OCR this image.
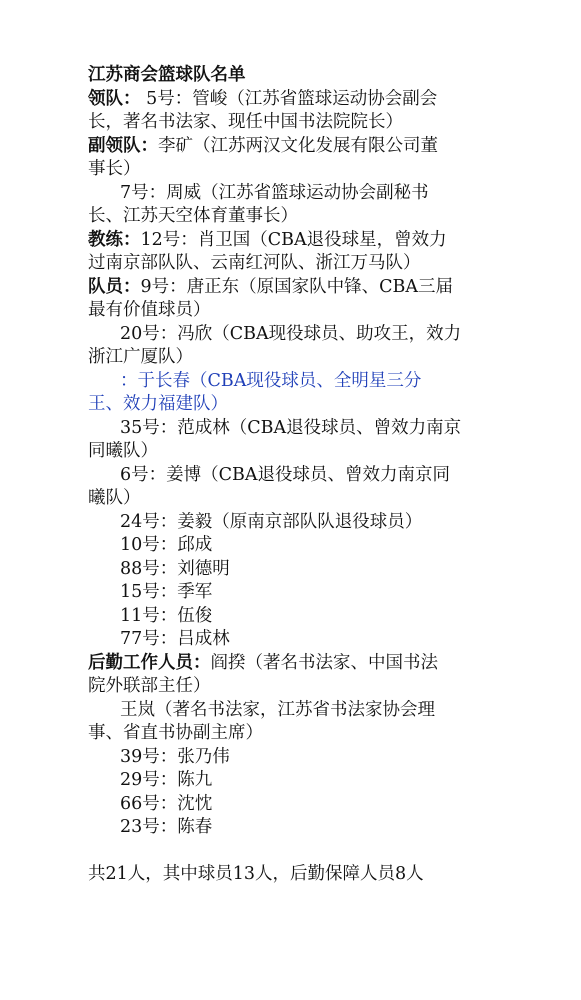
江苏商会篮球队名单
领队： 5号：管峻（江苏省篮球运动协会副会
长，著名书法家、现任中国书法院院长）
副领队：李矿（江苏两汉文化发展有限公司董
事长）
7号：周威（江苏省篮球运动协会副秘书
长、江苏天空体育董事长）
教练：12号：肖卫国（CBA退役球星，曾效力
过南京部队队、云南红河队、浙江万马队）
队员：9号：唐正东（原国家队中锋、CBA三届
最有价值球员）
20号：冯欣（CBA现役球员、助攻王，效力
浙江广厦队）
：于长春（CBA现役球员、全明星三分
王、效力福建队）
35号：范成林（CBA退役球员、曾效力南京
同曦队）
6号：姜博（CBA退役球员、曾效力南京同
曦队）
24号：姜毅（原南京部队队退役球员）
10号：邱成
88号：刘德明
15号：季军
11号：伍俊
77号：吕成林
后勤工作人员：阎揆（著名书法家、中国书法
院外联部主任）
王岚（著名书法家，江苏省书法家协会理
事、省直书协副主席）
39号：张乃伟
29号：陈九
66号：沈忱
23号：陈春
共21人，其中球员13人，后勤保障人员8人
